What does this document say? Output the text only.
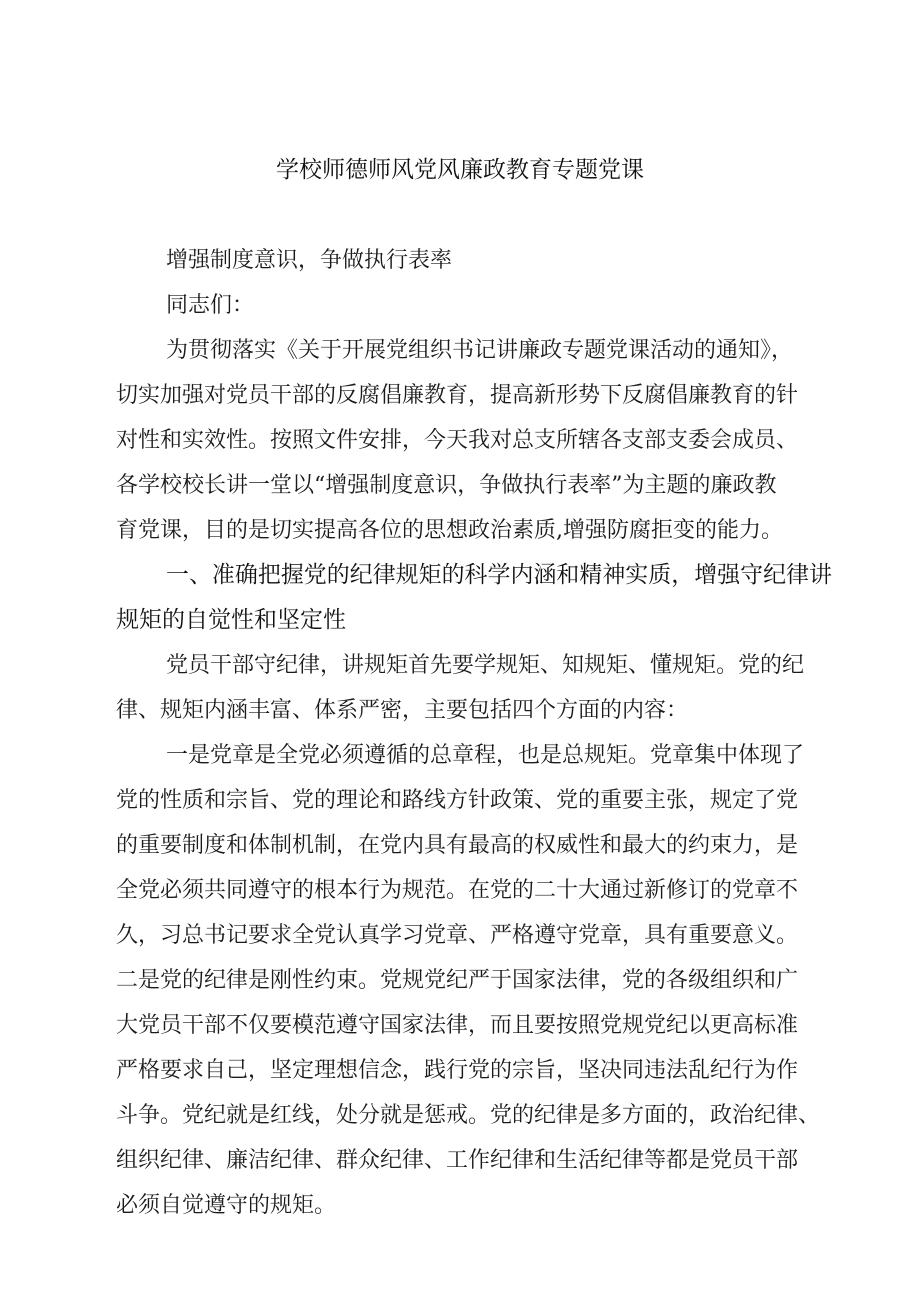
学校师德师风党风廉政教育专题党课
增强制度意识，争做执行表率
同志们：
为贯彻落实《关于开展党组织书记讲廉政专题党课活动的通知》，
切实加强对党员干部的反腐倡廉教育，提高新形势下反腐倡廉教育的针
对性和实效性。按照文件安排，今天我对总支所辖各支部支委会成员、
各学校校长讲一堂以“增强制度意识，争做执行表率”为主题的廉政教
育党课，目的是切实提高各位的思想政治素质,增强防腐拒变的能力。
一、准确把握党的纪律规矩的科学内涵和精神实质，增强守纪律讲
规矩的自觉性和坚定性
党员干部守纪律，讲规矩首先要学规矩、知规矩、懂规矩。党的纪
律、规矩内涵丰富、体系严密，主要包括四个方面的内容：
一是党章是全党必须遵循的总章程，也是总规矩。党章集中体现了
党的性质和宗旨、党的理论和路线方针政策、党的重要主张，规定了党
的重要制度和体制机制，在党内具有最高的权威性和最大的约束力，是
全党必须共同遵守的根本行为规范。在党的二十大通过新修订的党章不
久，习总书记要求全党认真学习党章、严格遵守党章，具有重要意义。
二是党的纪律是刚性约束。党规党纪严于国家法律，党的各级组织和广
大党员干部不仅要模范遵守国家法律，而且要按照党规党纪以更高标准
严格要求自己，坚定理想信念，践行党的宗旨，坚决同违法乱纪行为作
斗争。党纪就是红线，处分就是惩戒。党的纪律是多方面的，政治纪律、
组织纪律、廉洁纪律、群众纪律、工作纪律和生活纪律等都是党员干部
必须自觉遵守的规矩。
